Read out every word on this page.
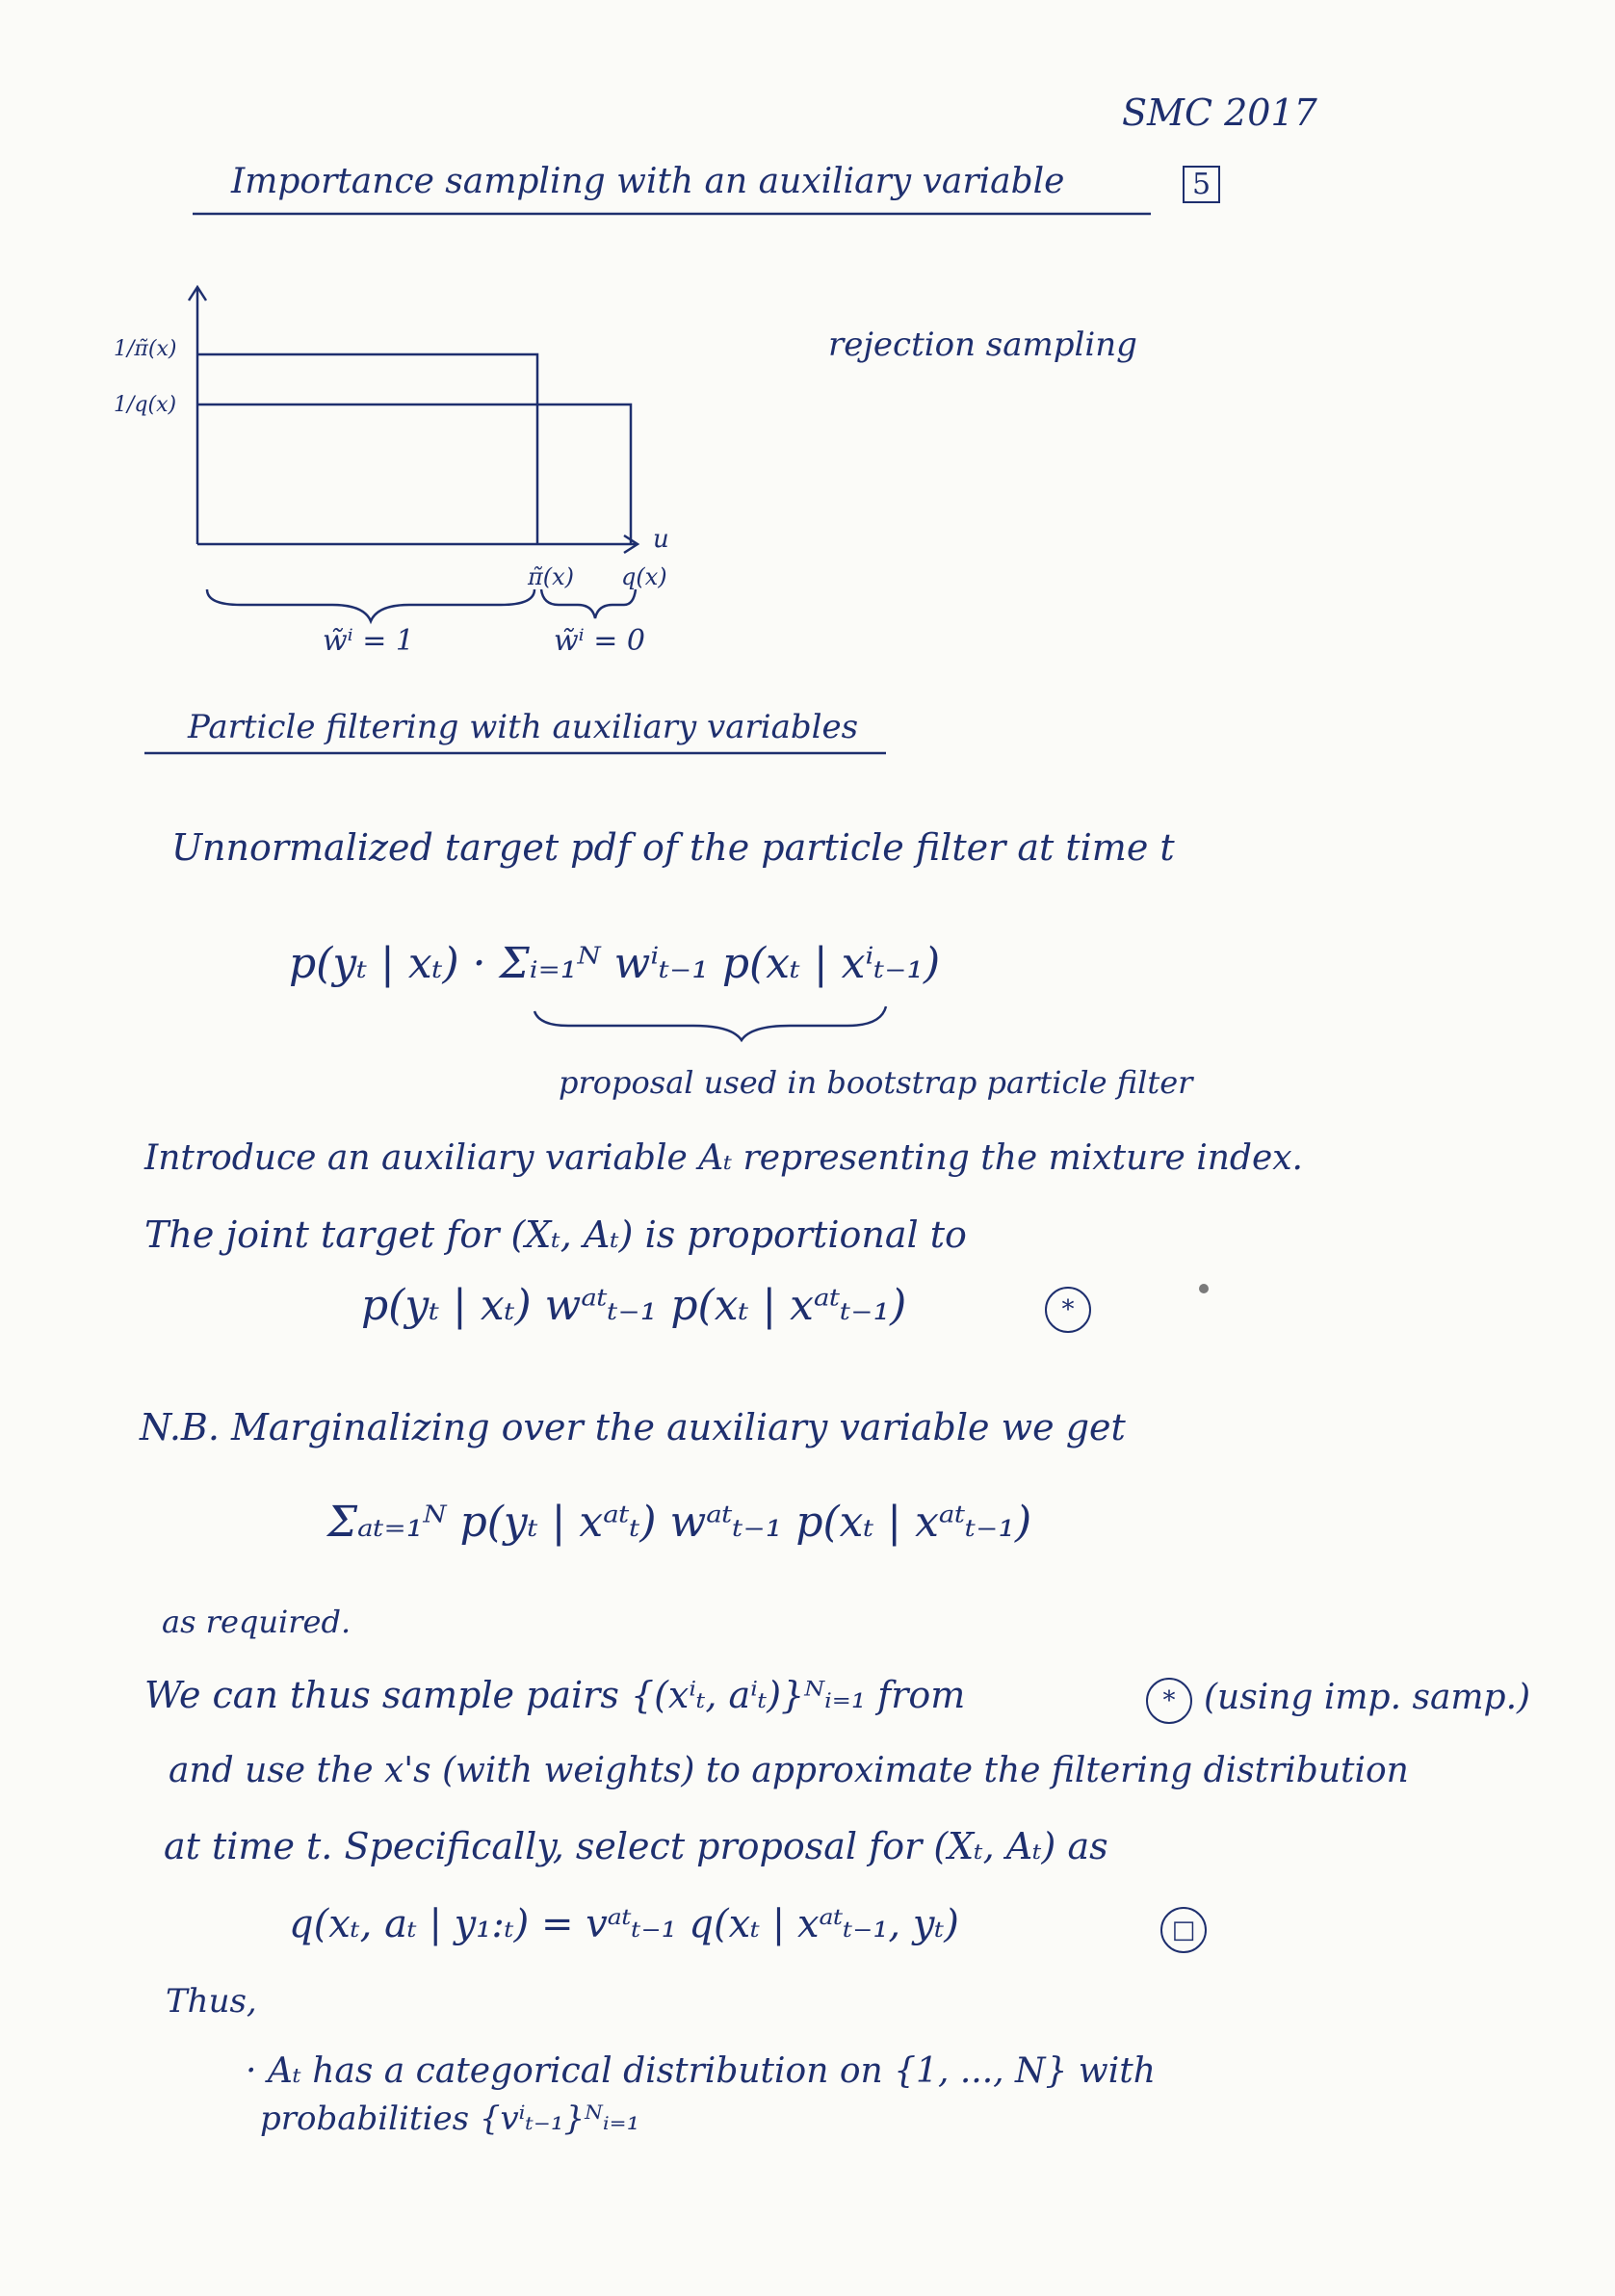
SMC 2017
Importance sampling with an auxiliary variable	5
rejection sampling
1/π̃(x)
1/q(x)
u
π̃(x) q(x)
w̃ⁱ = 1	w̃ⁱ = 0
Particle filtering with auxiliary variables
Unnormalized target pdf of the particle filter at time t
p(yₜ | xₜ) · Σᵢ₌₁ᴺ wⁱₜ₋₁ p(xₜ | xⁱₜ₋₁)
proposal used in bootstrap particle filter
Introduce an auxiliary variable Aₜ representing the mixture index.
The joint target for (Xₜ, Aₜ) is proportional to
p(yₜ | xₜ) wᵃᵗₜ₋₁ p(xₜ | xᵃᵗₜ₋₁)	*
N.B. Marginalizing over the auxiliary variable we get
Σₐₜ₌₁ᴺ p(yₜ | xᵃᵗₜ) wᵃᵗₜ₋₁ p(xₜ | xᵃᵗₜ₋₁)
as required.
We can thus sample pairs {(xⁱₜ, aⁱₜ)}ᴺᵢ₌₁ from	* (using imp. samp.)
and use the x's (with weights) to approximate the filtering distribution
at time t. Specifically, select proposal for (Xₜ, Aₜ) as
q(xₜ, aₜ | y₁:ₜ) = vᵃᵗₜ₋₁ q(xₜ | xᵃᵗₜ₋₁, yₜ)	□
Thus,
· Aₜ has a categorical distribution on {1, ..., N} with
probabilities {vⁱₜ₋₁}ᴺᵢ₌₁
